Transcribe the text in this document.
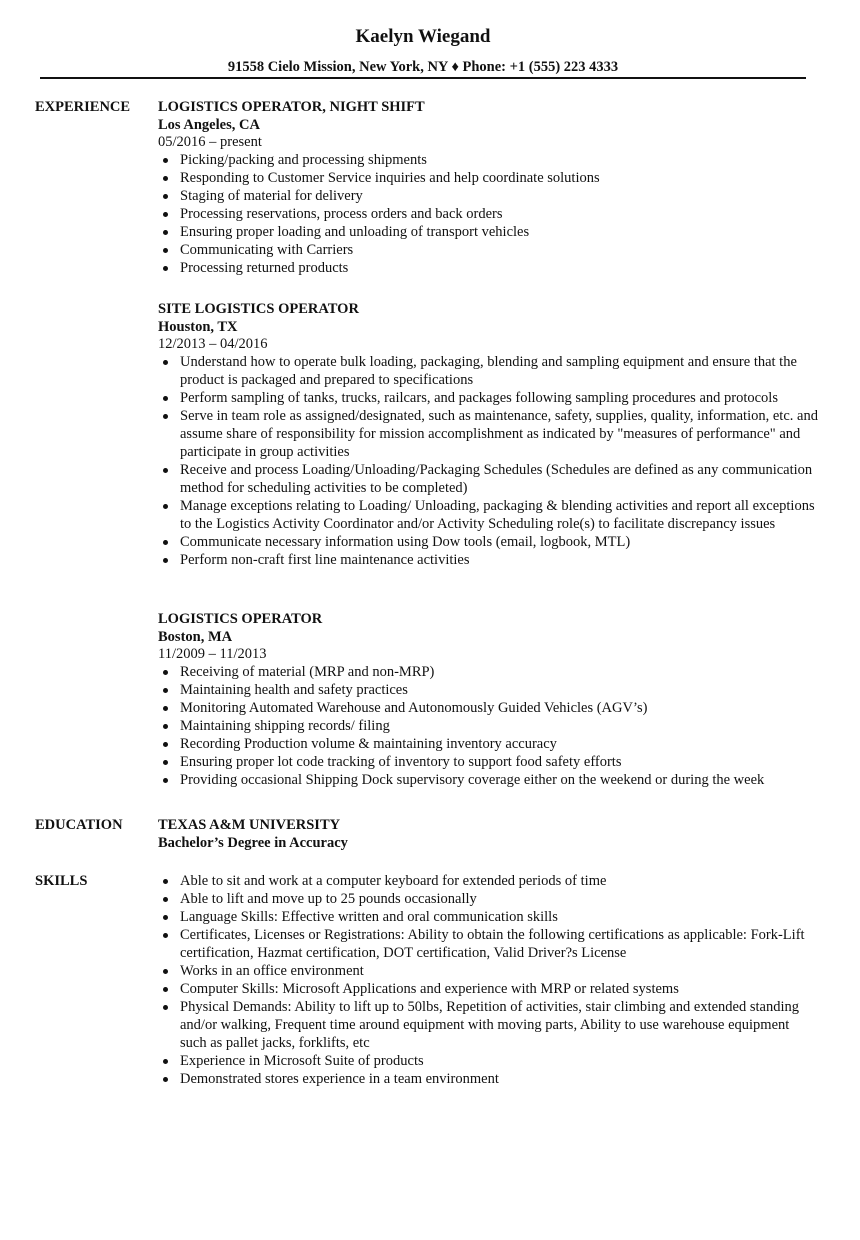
Kaelyn Wiegand
91558 Cielo Mission, New York, NY ♦ Phone: +1 (555) 223 4333
EXPERIENCE LOGISTICS OPERATOR, NIGHT SHIFT

Los Angeles, CA

05/2016 – present

Picking/packing and processing shipments
Responding to Customer Service inquiries and help coordinate solutions
Staging of material for delivery
Processing reservations, process orders and back orders
Ensuring proper loading and unloading of transport vehicles
Communicating with Carriers
Processing returned products

SITE LOGISTICS OPERATOR

Houston, TX

12/2013 – 04/2016

Understand how to operate bulk loading, packaging, blending and sampling equipment and ensure that the product is packaged and prepared to specifications
Perform sampling of tanks, trucks, railcars, and packages following sampling procedures and protocols
Serve in team role as assigned/designated, such as maintenance, safety, supplies, quality, information, etc. and assume share of responsibility for mission accomplishment as indicated by "measures of performance" and participate in group activities
Receive and process Loading/Unloading/Packaging Schedules (Schedules are defined as any communication method for scheduling activities to be completed)
Manage exceptions relating to Loading/ Unloading, packaging & blending activities and report all exceptions to the Logistics Activity Coordinator and/or Activity Scheduling role(s) to facilitate discrepancy issues
Communicate necessary information using Dow tools (email, logbook, MTL)
Perform non-craft first line maintenance activities

LOGISTICS OPERATOR

Boston, MA

11/2009 – 11/2013

Receiving of material (MRP and non-MRP)
Maintaining health and safety practices
Monitoring Automated Warehouse and Autonomously Guided Vehicles (AGV’s)
Maintaining shipping records/ filing
Recording Production volume & maintaining inventory accuracy
Ensuring proper lot code tracking of inventory to support food safety efforts
Providing occasional Shipping Dock supervisory coverage either on the weekend or during the week
EDUCATION TEXAS A&M UNIVERSITY

Bachelor’s Degree in Accuracy

SKILLS	Able to sit and work at a computer keyboard for extended periods of time
Able to lift and move up to 25 pounds occasionally
Language Skills: Effective written and oral communication skills
Certificates, Licenses or Registrations: Ability to obtain the following certifications as applicable: Fork-Lift certification, Hazmat certification, DOT certification, Valid Driver?s License
Works in an office environment
Computer Skills: Microsoft Applications and experience with MRP or related systems
Physical Demands: Ability to lift up to 50lbs, Repetition of activities, stair climbing and extended standing and/or walking, Frequent time around equipment with moving parts, Ability to use warehouse equipment such as pallet jacks, forklifts, etc
Experience in Microsoft Suite of products
Demonstrated stores experience in a team environment
